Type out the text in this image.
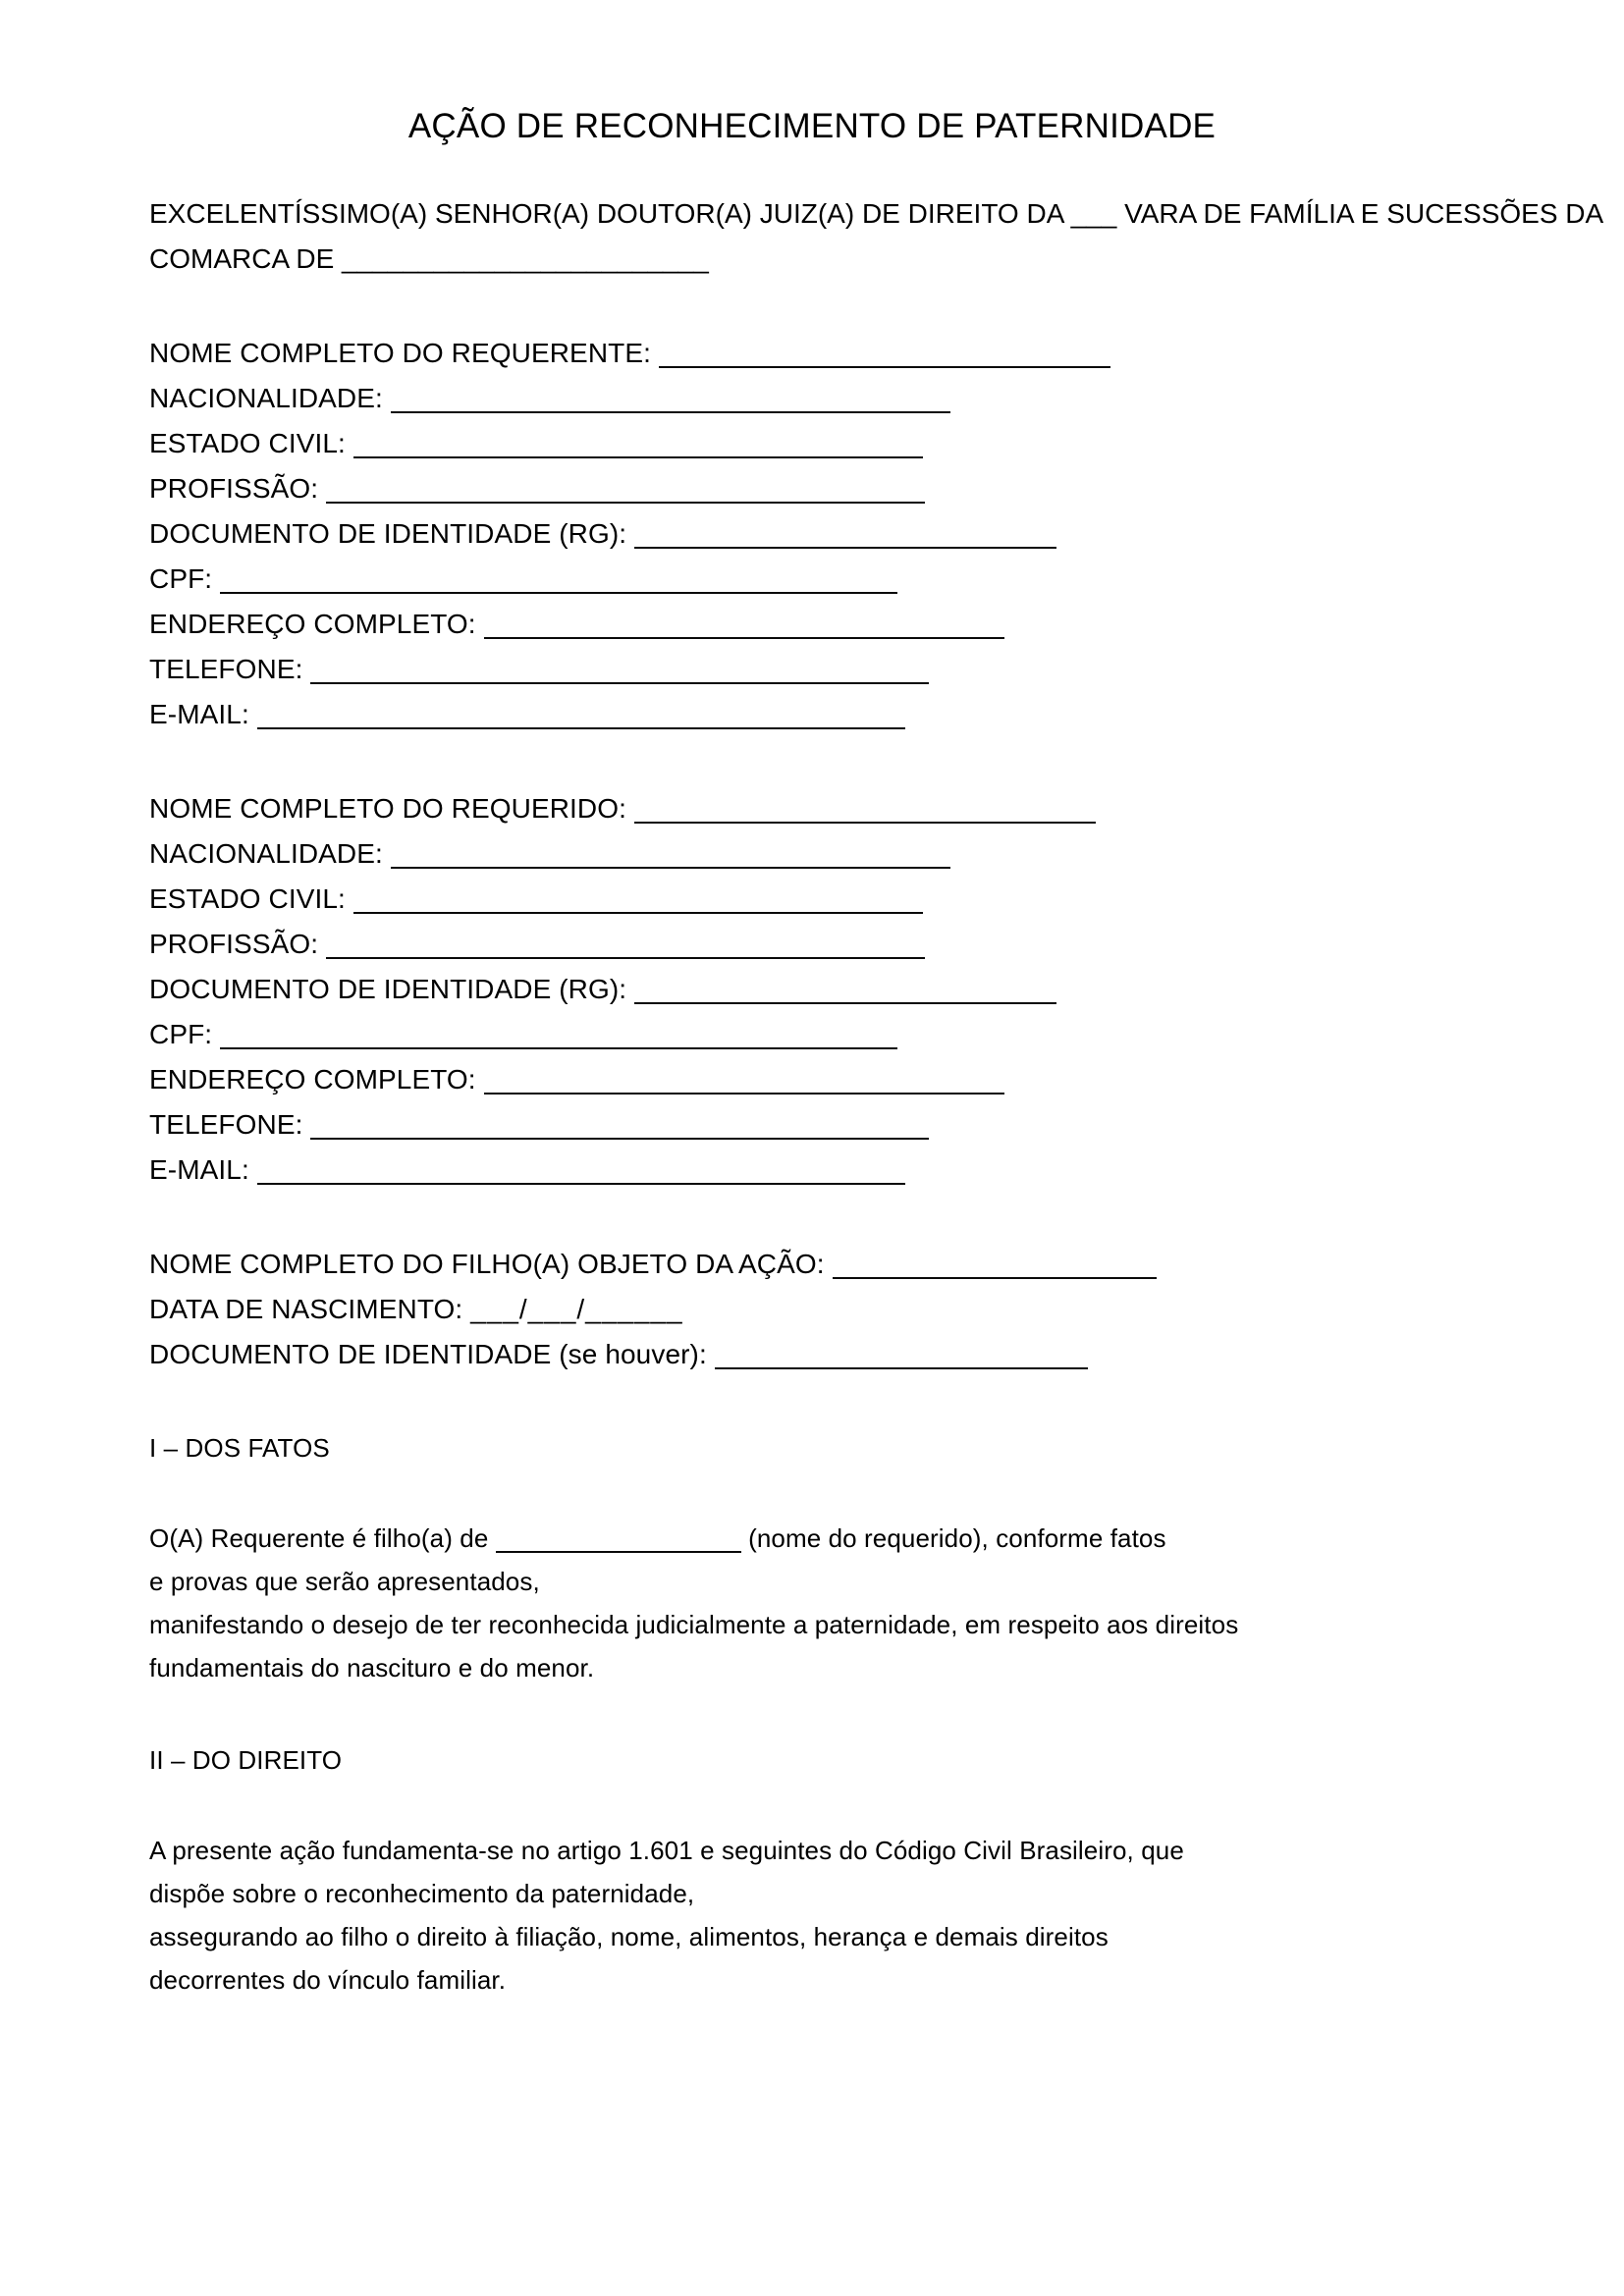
AÇÃO DE RECONHECIMENTO DE PATERNIDADE
EXCELENTÍSSIMO(A) SENHOR(A) DOUTOR(A) JUIZ(A) DE DIREITO DA ___ VARA DE FAMÍLIA E SUCESSÕES DA
COMARCA DE ________________________
NOME COMPLETO DO REQUERENTE:
NACIONALIDADE:
ESTADO CIVIL:
PROFISSÃO:
DOCUMENTO DE IDENTIDADE (RG):
CPF:
ENDEREÇO COMPLETO:
TELEFONE:
E-MAIL:
NOME COMPLETO DO REQUERIDO:
NACIONALIDADE:
ESTADO CIVIL:
PROFISSÃO:
DOCUMENTO DE IDENTIDADE (RG):
CPF:
ENDEREÇO COMPLETO:
TELEFONE:
E-MAIL:
NOME COMPLETO DO FILHO(A) OBJETO DA AÇÃO:
DATA DE NASCIMENTO: ___/___/______
DOCUMENTO DE IDENTIDADE (se houver):
I – DOS FATOS
O(A) Requerente é filho(a) de	(nome do requerido), conforme fatos
e provas que serão apresentados,
manifestando o desejo de ter reconhecida judicialmente a paternidade, em respeito aos direitos
fundamentais do nascituro e do menor.
II – DO DIREITO
A presente ação fundamenta-se no artigo 1.601 e seguintes do Código Civil Brasileiro, que
dispõe sobre o reconhecimento da paternidade,
assegurando ao filho o direito à filiação, nome, alimentos, herança e demais direitos
decorrentes do vínculo familiar.
